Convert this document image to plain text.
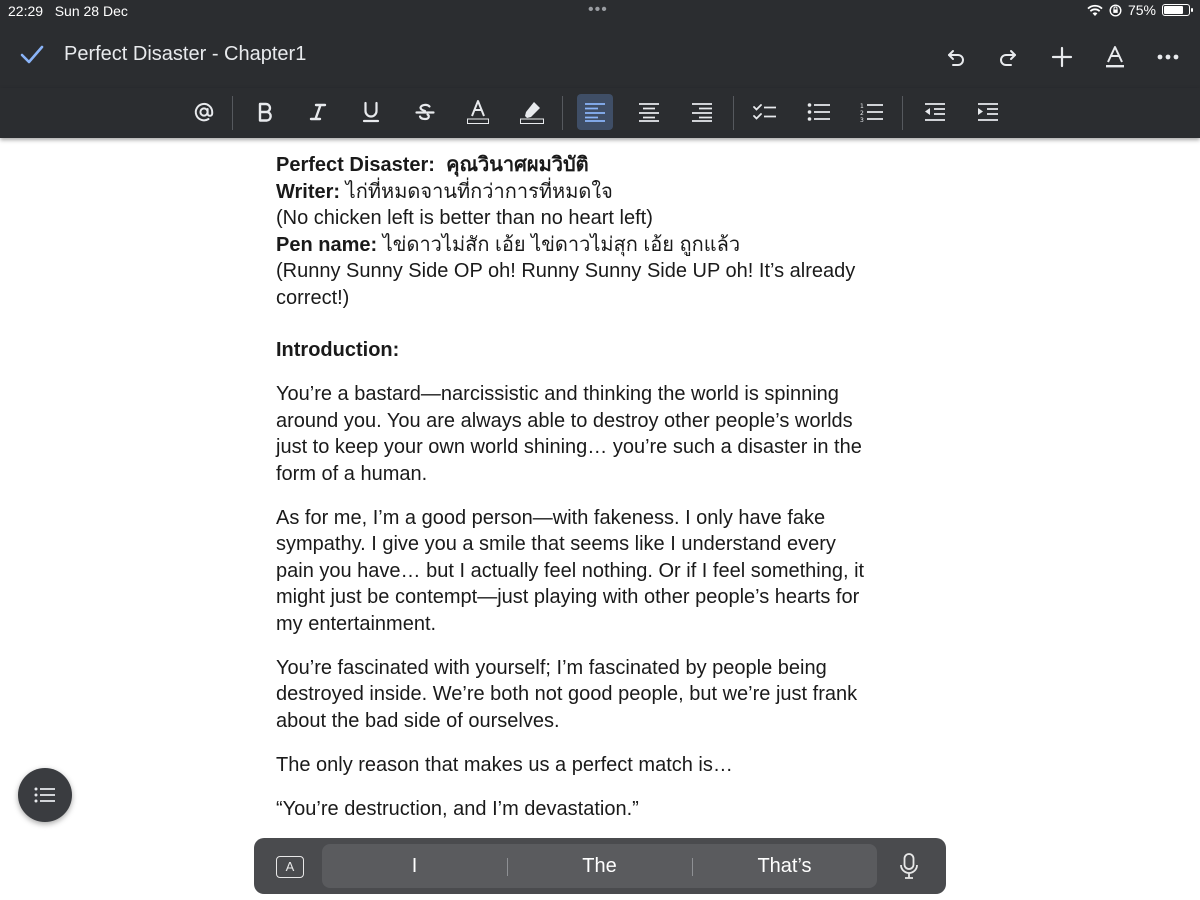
22:29 Sun 28 Dec	•••	75%
Perfect Disaster - Chapter1
1
2
3

Perfect Disaster: คุณวินาศผมวิบัติ

Writer: ไก่ที่หมดจานที่กว่าการที่หมดใจ

(No chicken left is better than no heart left)

Pen name: ไข่ดาวไม่สัก เอ้ย ไข่ดาวไม่สุก เอ้ย ถูกแล้ว

(Runny Sunny Side OP oh! Runny Sunny Side UP oh! It’s already correct!)

Introduction:

You’re a bastard—narcissistic and thinking the world is spinning around you. You are always able to destroy other people’s worlds just to keep your own world shining… you’re such a disaster in the form of a human.

As for me, I’m a good person—with fakeness. I only have fake sympathy. I give you a smile that seems like I understand every pain you have… but I actually feel nothing. Or if I feel something, it might just be contempt—just playing with other people’s hearts for my entertainment.

You’re fascinated with yourself; I’m fascinated by people being destroyed inside. We’re both not good people, but we’re just frank about the bad side of ourselves.

The only reason that makes us a perfect match is…

“You’re destruction, and I’m devastation.”

A	I	The	That’s
